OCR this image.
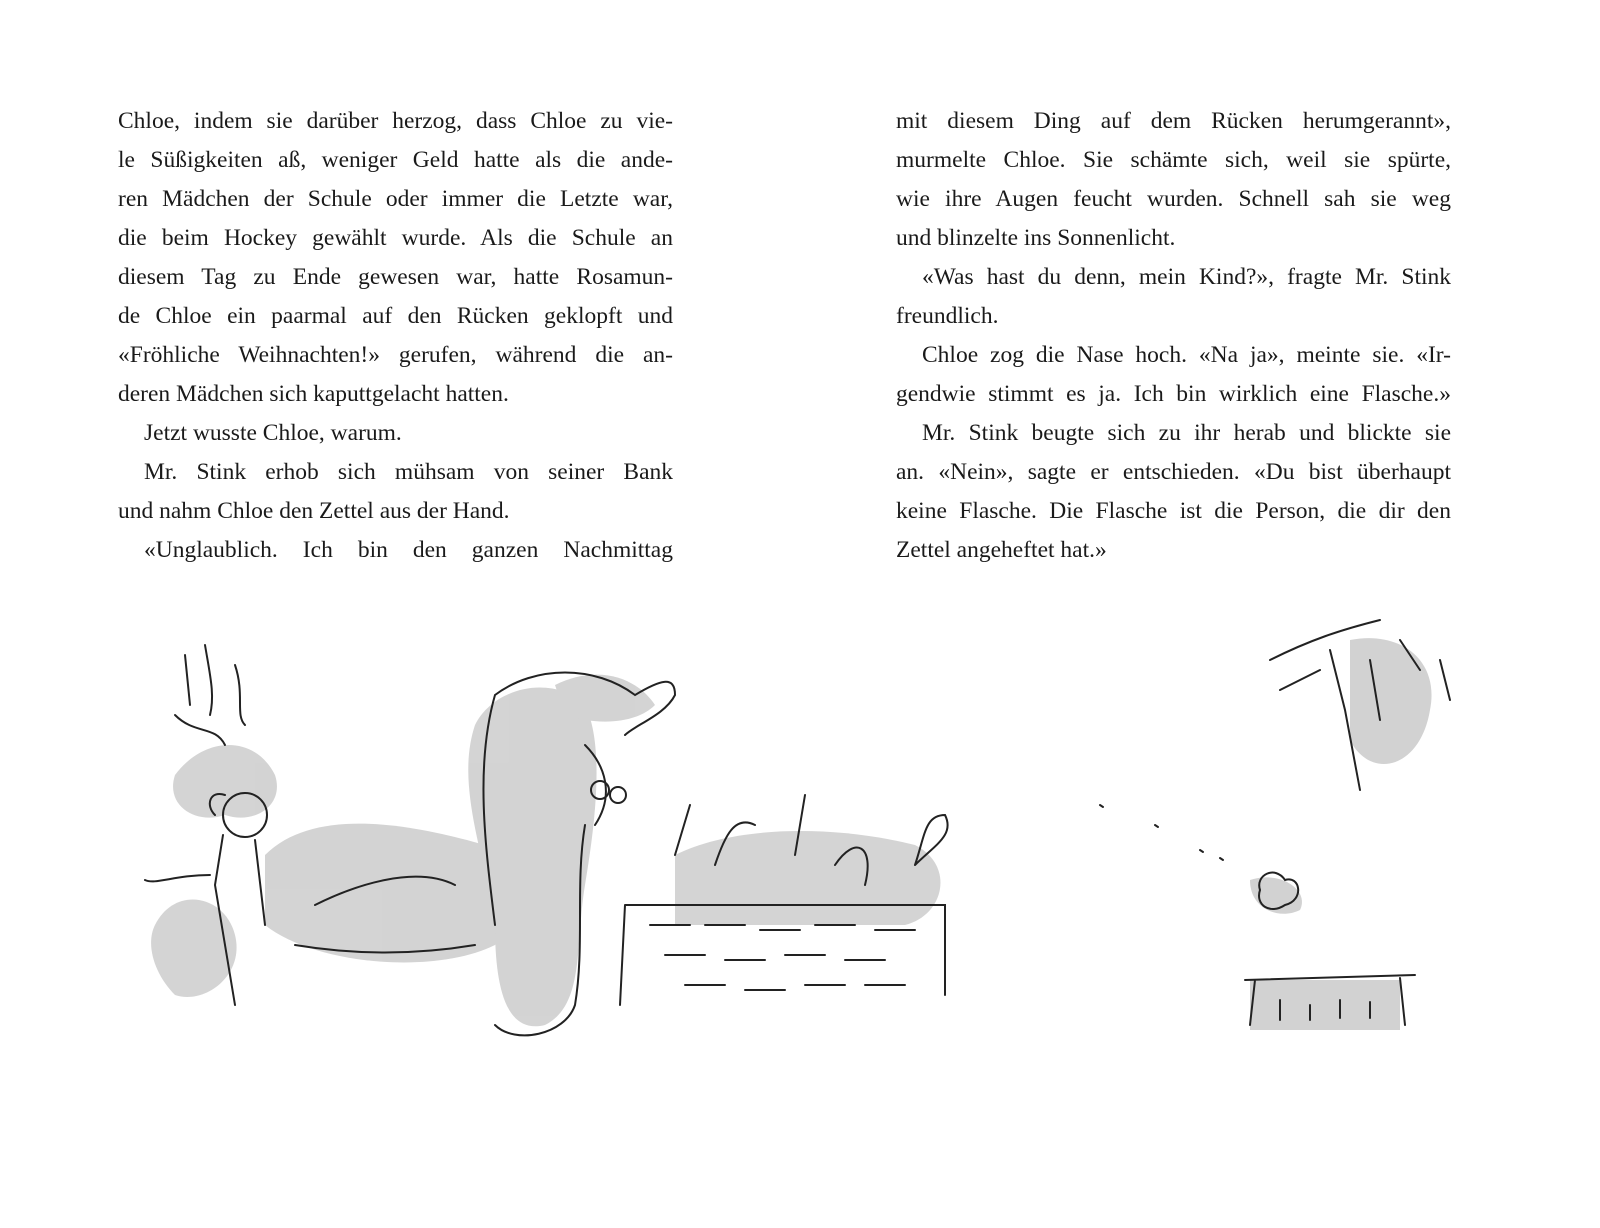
Chloe, indem sie darüber herzog, dass Chloe zu vie-
le Süßigkeiten aß, weniger Geld hatte als die ande-
ren Mädchen der Schule oder immer die Letzte war,
die beim Hockey gewählt wurde. Als die Schule an
diesem Tag zu Ende gewesen war, hatte Rosamun-
de Chloe ein paarmal auf den Rücken geklopft und
«Fröhliche Weihnachten!» gerufen, während die an-
deren Mädchen sich kaputtgelacht hatten.
Jetzt wusste Chloe, warum.
Mr. Stink erhob sich mühsam von seiner Bank
und nahm Chloe den Zettel aus der Hand.
«Unglaublich. Ich bin den ganzen Nachmittag
mit diesem Ding auf dem Rücken herumgerannt»,
murmelte Chloe. Sie schämte sich, weil sie spürte,
wie ihre Augen feucht wurden. Schnell sah sie weg
und blinzelte ins Sonnenlicht.
«Was hast du denn, mein Kind?», fragte Mr. Stink
freundlich.
Chloe zog die Nase hoch. «Na ja», meinte sie. «Ir-
gendwie stimmt es ja. Ich bin wirklich eine Flasche.»
Mr. Stink beugte sich zu ihr herab und blickte sie
an. «Nein», sagte er entschieden. «Du bist überhaupt
keine Flasche. Die Flasche ist die Person, die dir den
Zettel angeheftet hat.»
